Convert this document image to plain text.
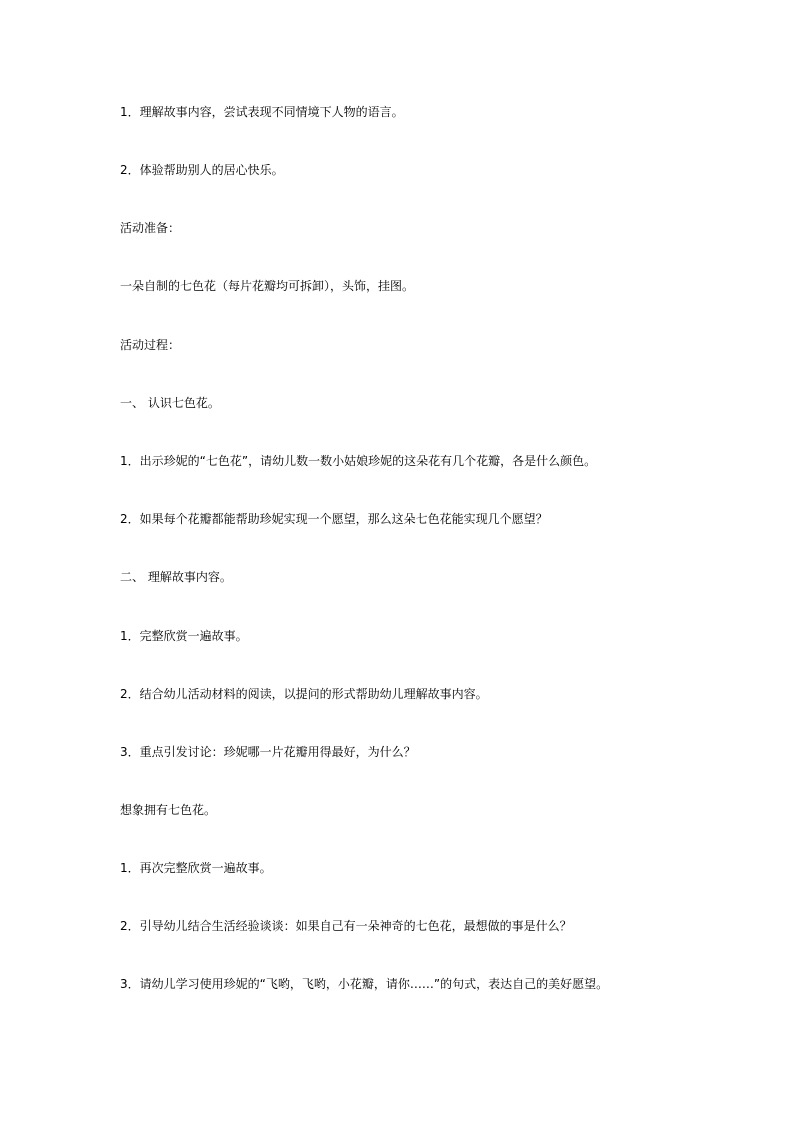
1．理解故事内容，尝试表现不同情境下人物的语言。
2．体验帮助别人的居心快乐。
活动准备：
一朵自制的七色花（每片花瓣均可拆卸），头饰，挂图。
活动过程：
一、 认识七色花。
1．出示珍妮的“七色花”，请幼儿数一数小姑娘珍妮的这朵花有几个花瓣，各是什么颜色。
2．如果每个花瓣都能帮助珍妮实现一个愿望，那么这朵七色花能实现几个愿望？
二、 理解故事内容。
1．完整欣赏一遍故事。
2．结合幼儿活动材料的阅读，以提问的形式帮助幼儿理解故事内容。
3．重点引发讨论：珍妮哪一片花瓣用得最好，为什么？
想象拥有七色花。
1．再次完整欣赏一遍故事。
2．引导幼儿结合生活经验谈谈：如果自己有一朵神奇的七色花，最想做的事是什么？
3．请幼儿学习使用珍妮的“飞哟，飞哟，小花瓣，请你……”的句式，表达自己的美好愿望。
